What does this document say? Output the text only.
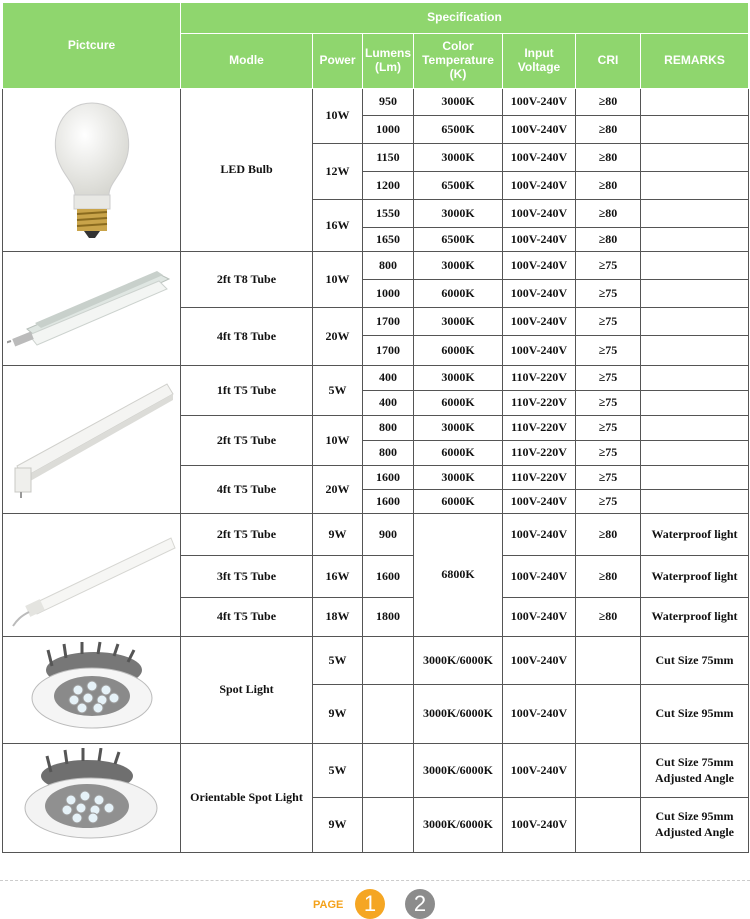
Pictcure	Specification						
	Modle	Power	Lumens (Lm)	Color Temperature (K)	Input Voltage	CRI	REMARKS

	LED Bulb	10W	950	3000K	100V-240V	≥80	
			1000	6500K	100V-240V	≥80	
		12W	1150	3000K	100V-240V	≥80	
			1200	6500K	100V-240V	≥80	
		16W	1550	3000K	100V-240V	≥80	
			1650	6500K	100V-240V	≥80	

	2ft T8 Tube	10W	800	3000K	100V-240V	≥75	
			1000	6000K	100V-240V	≥75	
	4ft T8 Tube	20W	1700	3000K	100V-240V	≥75	
			1700	6000K	100V-240V	≥75	

	1ft T5 Tube	5W	400	3000K	110V-220V	≥75	
			400	6000K	110V-220V	≥75	
	2ft T5 Tube	10W	800	3000K	110V-220V	≥75	
			800	6000K	110V-220V	≥75	
	4ft T5 Tube	20W	1600	3000K	110V-220V	≥75	
			1600	6000K	100V-240V	≥75	

	2ft T5 Tube	9W	900	6800K	100V-240V	≥80	Waterproof light
	3ft T5 Tube	16W	1600		100V-240V	≥80	Waterproof light
	4ft T5 Tube	18W	1800		100V-240V	≥80	Waterproof light

	Spot Light	5W		3000K/6000K	100V-240V		Cut Size 75mm
		9W		3000K/6000K	100V-240V		Cut Size 95mm

	Orientable Spot Light	5W		3000K/6000K	100V-240V		Cut Size 75mm
Adjusted Angle

		9W		3000K/6000K	100V-240V		Cut Size 95mm
Adjusted Angle
PAGE 1	2
